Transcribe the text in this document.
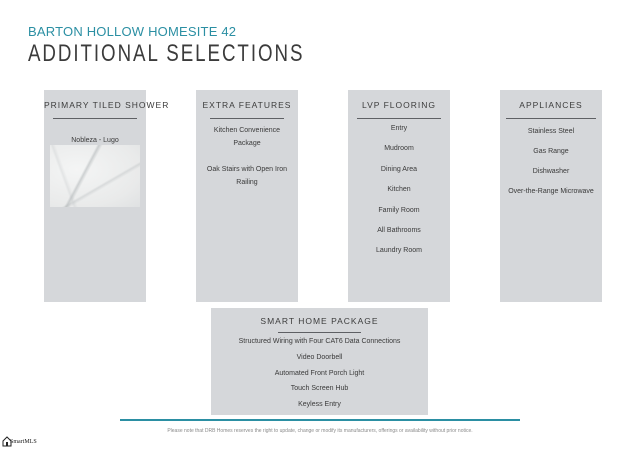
BARTON HOLLOW HOMESITE 42
ADDITIONAL SELECTIONS
PRIMARY TILED SHOWER
Nobleza - Lugo
EXTRA FEATURES
Kitchen Convenience
Package
Oak Stairs with Open Iron
Railing
LVP FLOORING
Entry
Mudroom
Dining Area
Kitchen
Family Room
All Bathrooms
Laundry Room
APPLIANCES
Stainless Steel
Gas Range
Dishwasher
Over-the-Range Microwave
SMART HOME PACKAGE
Structured Wiring with Four CAT6 Data Connections
Video Doorbell
Automated Front Porch Light
Touch Screen Hub
Keyless Entry
Please note that DRB Homes reserves the right to update, change or modify its manufacturers, offerings or availability without prior notice.
SmartMLS
